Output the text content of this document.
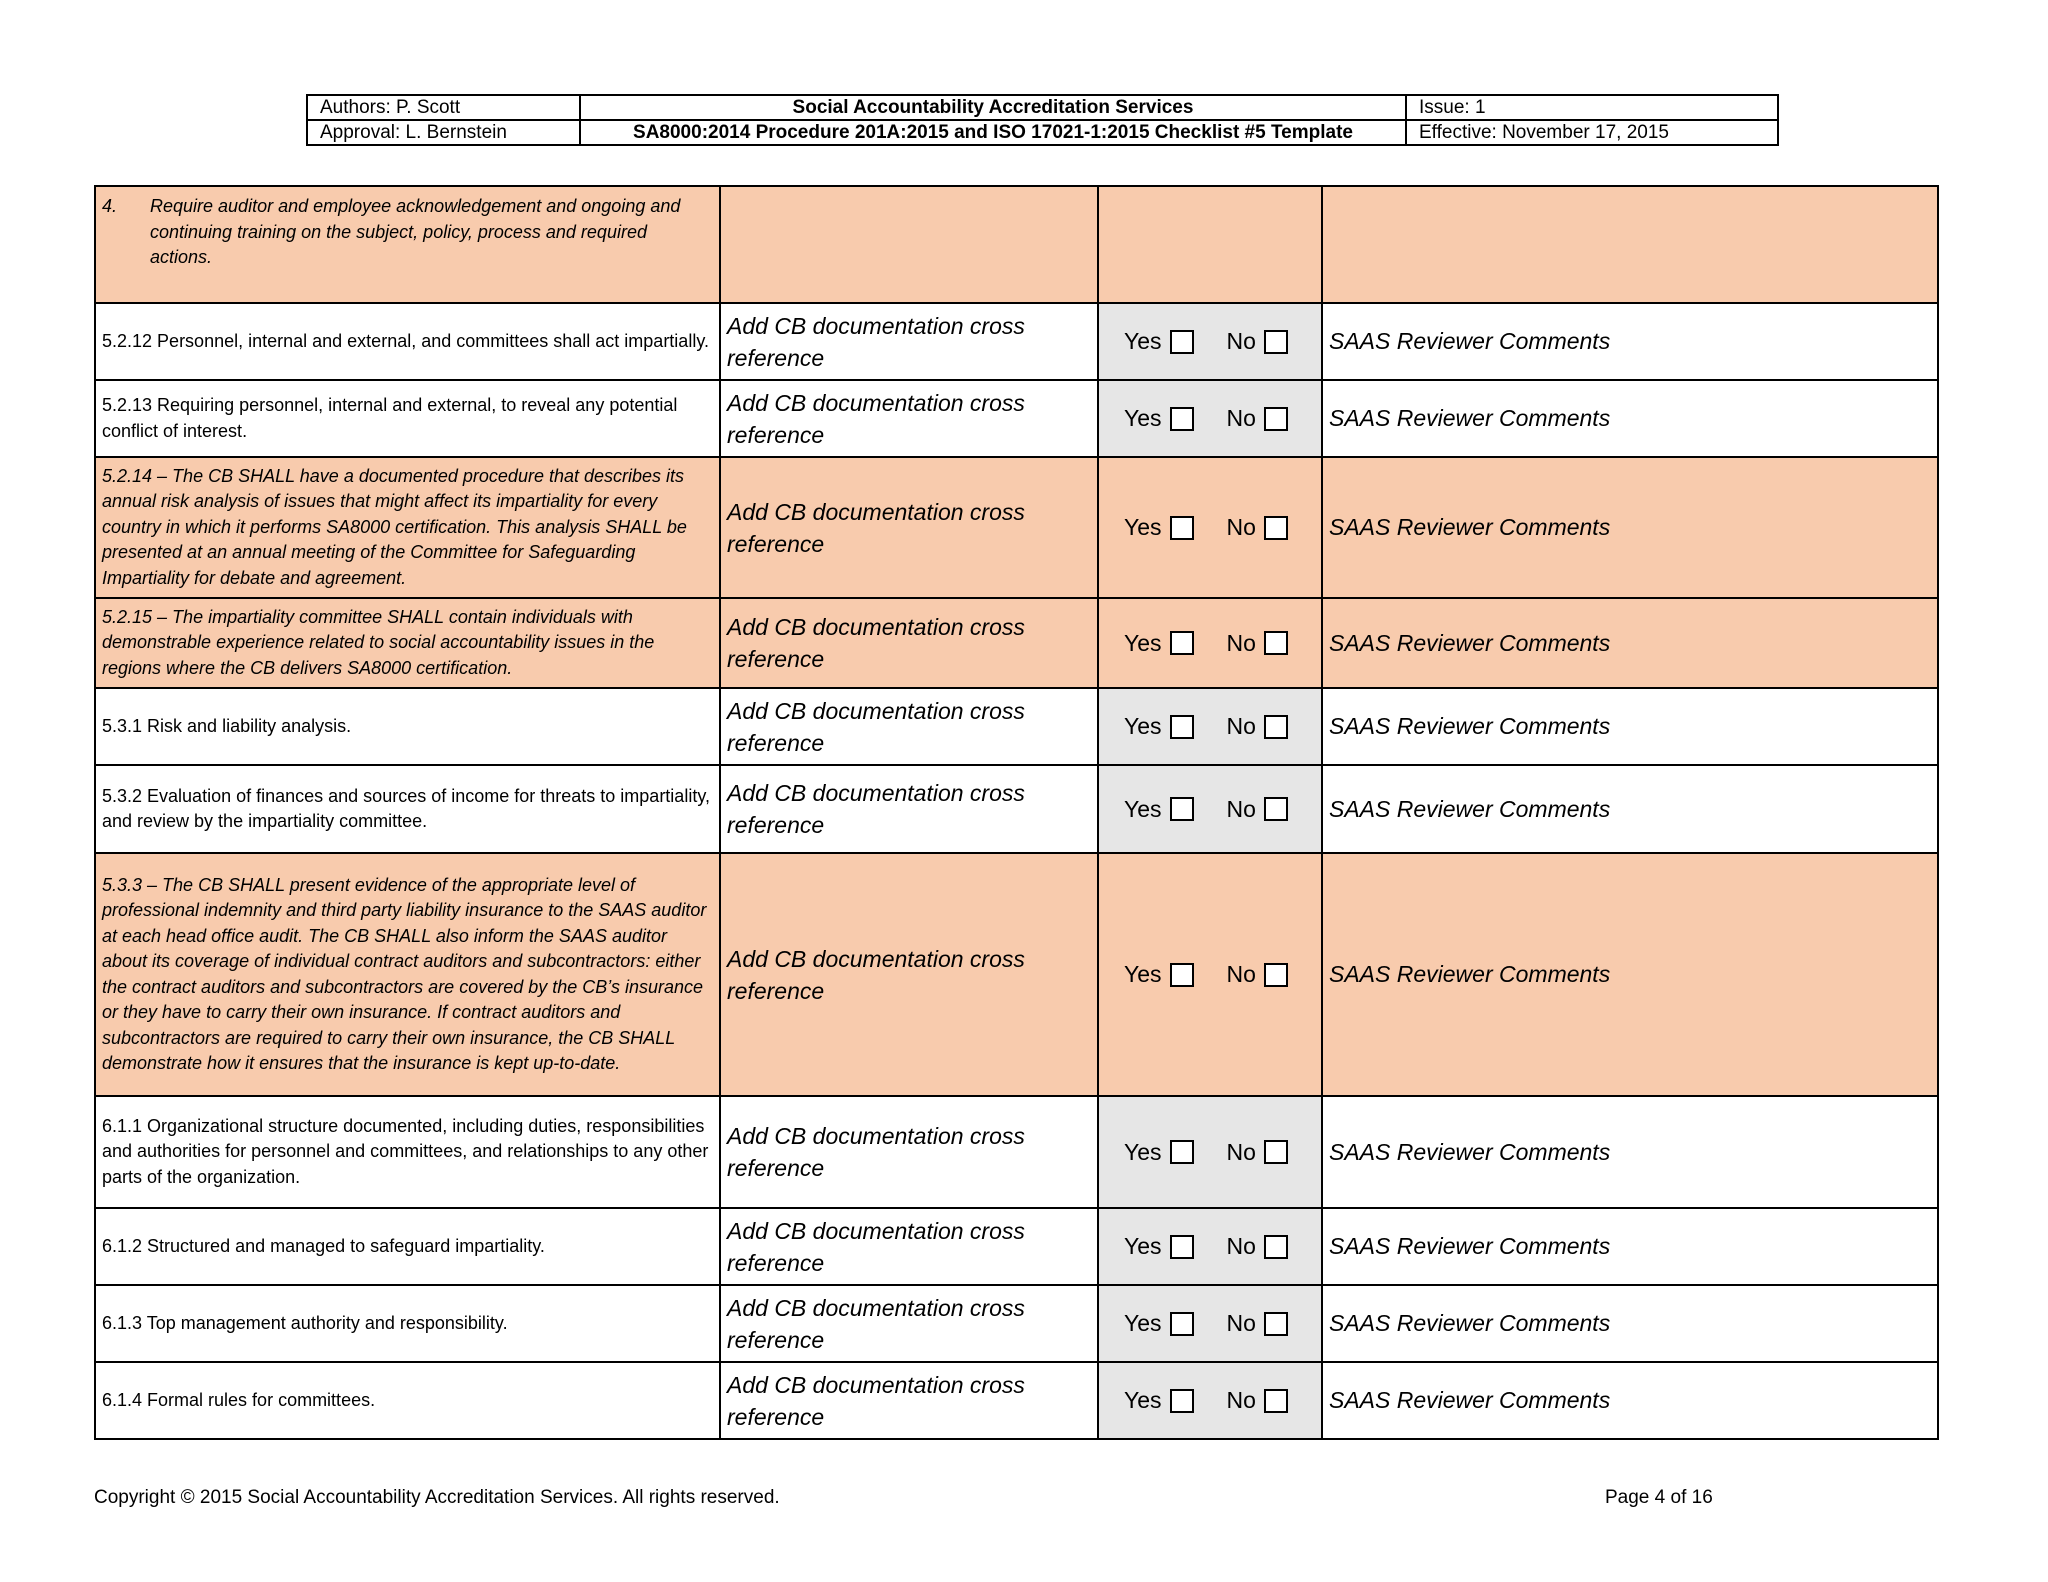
Authors: P. Scott	Social Accountability Accreditation Services	Issue: 1
Approval: L. Bernstein	SA8000:2014 Procedure 201A:2015 and ISO 17021-1:2015 Checklist #5 Template	Effective: November 17, 2015
4. Require auditor and employee acknowledgement and ongoing and continuing training on the subject, policy, process and required actions.			

5.2.12 Personnel, internal and external, and committees shall act impartially.	Add CB documentation cross reference	Yes No	SAAS Reviewer Comments
5.2.13 Requiring personnel, internal and external, to reveal any potential conflict of interest.	Add CB documentation cross reference	Yes No	SAAS Reviewer Comments
5.2.14 – The CB SHALL have a documented procedure that describes its annual risk analysis of issues that might affect its impartiality for every country in which it performs SA8000 certification. This analysis SHALL be presented at an annual meeting of the Committee for Safeguarding Impartiality for debate and agreement.	Add CB documentation cross reference	Yes No	SAAS Reviewer Comments
5.2.15 – The impartiality committee SHALL contain individuals with demonstrable experience related to social accountability issues in the regions where the CB delivers SA8000 certification.	Add CB documentation cross reference	Yes No	SAAS Reviewer Comments
5.3.1 Risk and liability analysis.	Add CB documentation cross reference	Yes No	SAAS Reviewer Comments
5.3.2 Evaluation of finances and sources of income for threats to impartiality, and review by the impartiality committee.	Add CB documentation cross reference	Yes No	SAAS Reviewer Comments
5.3.3 – The CB SHALL present evidence of the appropriate level of professional indemnity and third party liability insurance to the SAAS auditor at each head office audit. The CB SHALL also inform the SAAS auditor about its coverage of individual contract auditors and subcontractors: either the contract auditors and subcontractors are covered by the CB’s insurance or they have to carry their own insurance. If contract auditors and subcontractors are required to carry their own insurance, the CB SHALL demonstrate how it ensures that the insurance is kept up-to-date.	Add CB documentation cross reference	Yes No	SAAS Reviewer Comments
6.1.1 Organizational structure documented, including duties, responsibilities and authorities for personnel and committees, and relationships to any other parts of the organization.	Add CB documentation cross reference	Yes No	SAAS Reviewer Comments
6.1.2 Structured and managed to safeguard impartiality.	Add CB documentation cross reference	Yes No	SAAS Reviewer Comments
6.1.3 Top management authority and responsibility.	Add CB documentation cross reference	Yes No	SAAS Reviewer Comments
6.1.4 Formal rules for committees.	Add CB documentation cross reference	Yes No	SAAS Reviewer Comments
Copyright © 2015 Social Accountability Accreditation Services. All rights reserved.	Page 4 of 16
